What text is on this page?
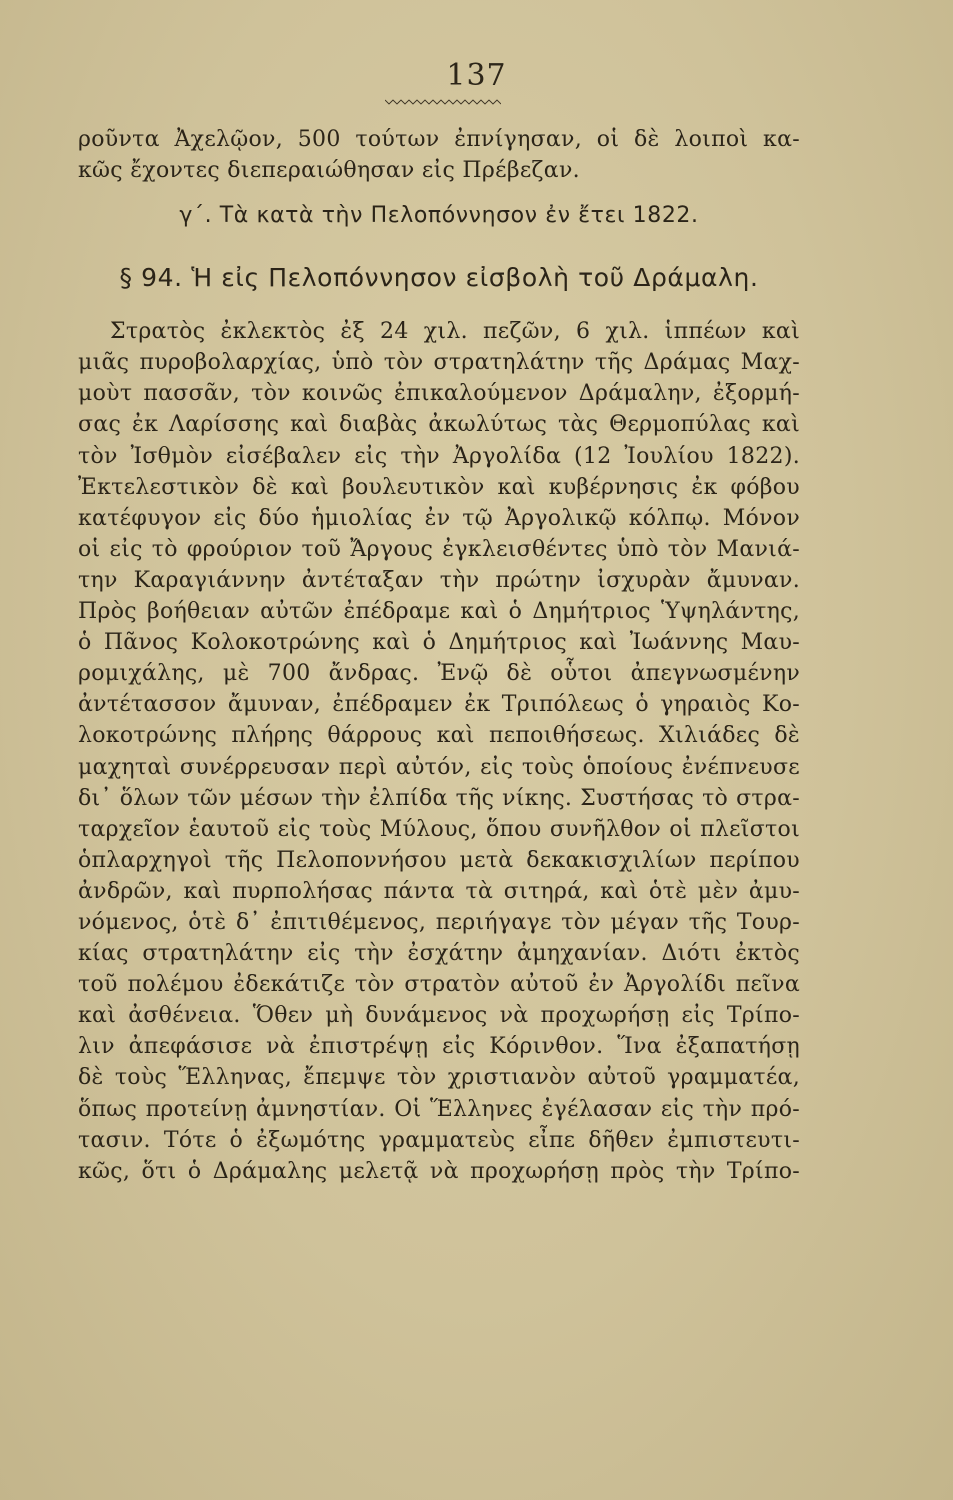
137
ροῦντα Ἀχελῷον, 500 τούτων ἐπνίγησαν, οἱ δὲ λοιποὶ κα-
κῶς ἔχοντες διεπεραιώθησαν εἰς Πρέβεζαν.
γ΄. Τὰ κατὰ τὴν Πελοπόννησον ἐν ἔτει 1822.
§ 94. Ἡ εἰς Πελοπόννησον εἰσβολὴ τοῦ Δράμαλη.
Στρατὸς ἐκλεκτὸς ἐξ 24 χιλ. πεζῶν, 6 χιλ. ἱππέων καὶ
μιᾶς πυροβολαρχίας, ὑπὸ τὸν στρατηλάτην τῆς Δράμας Μαχ-
μοὺτ πασσᾶν, τὸν κοινῶς ἐπικαλούμενον Δράμαλην, ἐξορμή-
σας ἐκ Λαρίσσης καὶ διαβὰς ἀκωλύτως τὰς Θερμοπύλας καὶ
τὸν Ἰσθμὸν εἰσέβαλεν εἰς τὴν Ἀργολίδα (12 Ἰουλίου 1822).
Ἐκτελεστικὸν δὲ καὶ βουλευτικὸν καὶ κυβέρνησις ἐκ φόβου
κατέφυγον εἰς δύο ἡμιολίας ἐν τῷ Ἀργολικῷ κόλπῳ. Μόνον
οἱ εἰς τὸ φρούριον τοῦ Ἄργους ἐγκλεισθέντες ὑπὸ τὸν Μανιά-
την Καραγιάννην ἀντέταξαν τὴν πρώτην ἰσχυρὰν ἄμυναν.
Πρὸς βοήθειαν αὐτῶν ἐπέδραμε καὶ ὁ Δημήτριος Ὑψηλάντης,
ὁ Πᾶνος Κολοκοτρώνης καὶ ὁ Δημήτριος καὶ Ἰωάννης Μαυ-
ρομιχάλης, μὲ 700 ἄνδρας. Ἐνῷ δὲ οὗτοι ἀπεγνωσμένην
ἀντέτασσον ἄμυναν, ἐπέδραμεν ἐκ Τριπόλεως ὁ γηραιὸς Κο-
λοκοτρώνης πλήρης θάρρους καὶ πεποιθήσεως. Χιλιάδες δὲ
μαχηταὶ συνέρρευσαν περὶ αὐτόν, εἰς τοὺς ὁποίους ἐνέπνευσε
δι᾿ ὅλων τῶν μέσων τὴν ἐλπίδα τῆς νίκης. Συστήσας τὸ στρα-
ταρχεῖον ἑαυτοῦ εἰς τοὺς Μύλους, ὅπου συνῆλθον οἱ πλεῖστοι
ὁπλαρχηγοὶ τῆς Πελοποννήσου μετὰ δεκακισχιλίων περίπου
ἀνδρῶν, καὶ πυρπολήσας πάντα τὰ σιτηρά, καὶ ὁτὲ μὲν ἀμυ-
νόμενος, ὁτὲ δ᾿ ἐπιτιθέμενος, περιήγαγε τὸν μέγαν τῆς Τουρ-
κίας στρατηλάτην εἰς τὴν ἐσχάτην ἀμηχανίαν. Διότι ἐκτὸς
τοῦ πολέμου ἐδεκάτιζε τὸν στρατὸν αὐτοῦ ἐν Ἀργολίδι πεῖνα
καὶ ἀσθένεια. Ὅθεν μὴ δυνάμενος νὰ προχωρήσῃ εἰς Τρίπο-
λιν ἀπεφάσισε νὰ ἐπιστρέψῃ εἰς Κόρινθον. Ἵνα ἐξαπατήσῃ
δὲ τοὺς Ἕλληνας, ἔπεμψε τὸν χριστιανὸν αὐτοῦ γραμματέα,
ὅπως προτείνῃ ἀμνηστίαν. Οἱ Ἕλληνες ἐγέλασαν εἰς τὴν πρό-
τασιν. Τότε ὁ ἐξωμότης γραμματεὺς εἶπε δῆθεν ἐμπιστευτι-
κῶς, ὅτι ὁ Δράμαλης μελετᾷ νὰ προχωρήσῃ πρὸς τὴν Τρίπο-
